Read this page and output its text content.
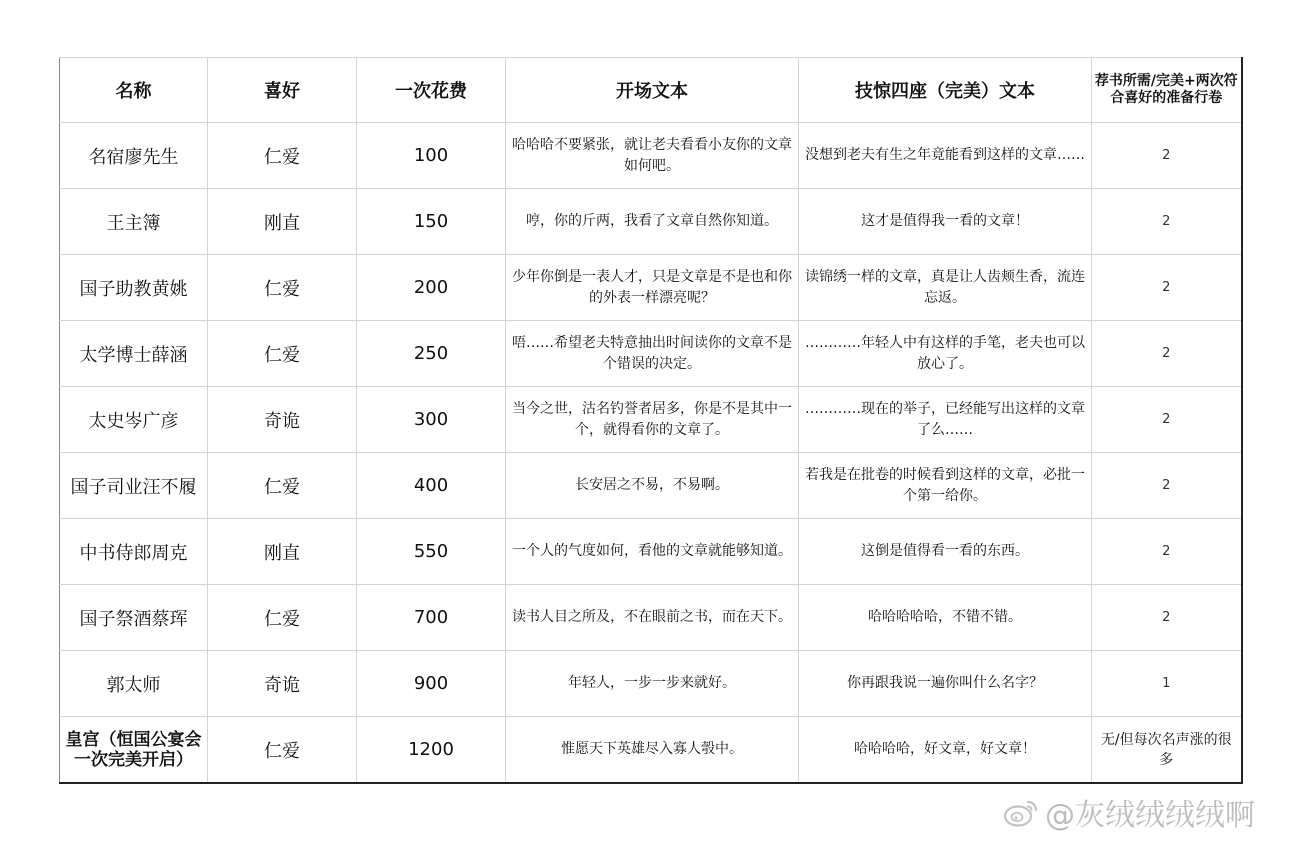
名称	喜好	一次花费	开场文本	技惊四座（完美）文本	荐书所需/完美+两次符合喜好的准备行卷
名宿廖先生	仁爱	100	哈哈哈不要紧张，就让老夫看看小友你的文章如何吧。	没想到老夫有生之年竟能看到这样的文章……	2
王主簿	刚直	150	哼，你的斤两，我看了文章自然你知道。	这才是值得我一看的文章！	2
国子助教黄姚	仁爱	200	少年你倒是一表人才，只是文章是不是也和你的外表一样漂亮呢？	读锦绣一样的文章，真是让人齿颊生香，流连忘返。	2
太学博士薛涵	仁爱	250	唔……希望老夫特意抽出时间读你的文章不是个错误的决定。	…………年轻人中有这样的手笔，老夫也可以放心了。	2
太史岑广彦	奇诡	300	当今之世，沽名钓誉者居多，你是不是其中一个，就得看你的文章了。	…………现在的举子，已经能写出这样的文章了么……	2
国子司业汪不履	仁爱	400	长安居之不易，不易啊。	若我是在批卷的时候看到这样的文章，必批一个第一给你。	2
中书侍郎周克	刚直	550	一个人的气度如何，看他的文章就能够知道。	这倒是值得看一看的东西。	2
国子祭酒蔡珲	仁爱	700	读书人目之所及，不在眼前之书，而在天下。	哈哈哈哈哈，不错不错。	2
郭太师	奇诡	900	年轻人，一步一步来就好。	你再跟我说一遍你叫什么名字？	1
皇宫（恒国公宴会一次完美开启）	仁爱	1200	惟愿天下英雄尽入寡人彀中。	哈哈哈哈，好文章，好文章！	无/但每次名声涨的很多
@灰绒绒绒绒啊
